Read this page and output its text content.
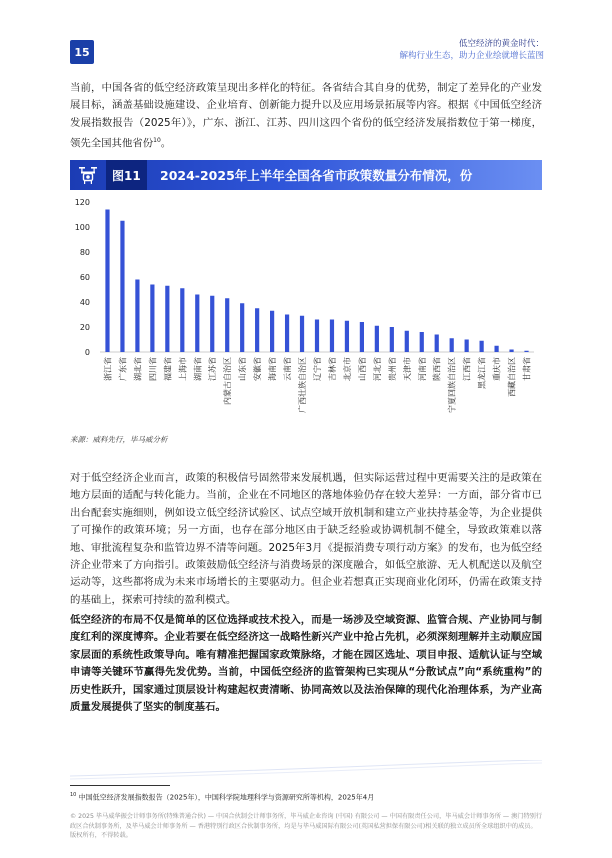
15
低空经济的黄金时代：
解构行业生态，助力企业绘就增长蓝图
当前，中国各省的低空经济政策呈现出多样化的特征。各省结合其自身的优势，制定了差异化的产业发展目标，涵盖基础设施建设、企业培育、创新能力提升以及应用场景拓展等内容。根据《中国低空经济发展指数报告（2025年）》，广东、浙江、江苏、四川这四个省份的低空经济发展指数位于第一梯度，领先全国其他省份$^{10}$。
图11	2024-2025年上半年全国各省市政策数量分布情况，份
0
20
40
60
80
100
120
浙江省 广东省 湖北省 四川省 福建省 上海市 湖南省 江苏省 内蒙古自治区 山东省 安徽省 海南省 云南省 广西壮族自治区 辽宁省 吉林省 北京市 山西省 河北省 贵州省 天津市 河南省 陕西省 宁夏回族自治区 江西省 黑龙江省 重庆市 西藏自治区 甘肃省
来源：威科先行，毕马威分析
对于低空经济企业而言，政策的积极信号固然带来发展机遇，但实际运营过程中更需要关注的是政策在地方层面的适配与转化能力。当前，企业在不同地区的落地体验仍存在较大差异：一方面，部分省市已出台配套实施细则，例如设立低空经济试验区、试点空域开放机制和建立产业扶持基金等，为企业提供了可操作的政策环境；另一方面，也存在部分地区由于缺乏经验或协调机制不健全，导致政策难以落地、审批流程复杂和监管边界不清等问题。2025年3月《提振消费专项行动方案》的发布，也为低空经济企业带来了方向指引。政策鼓励低空经济与消费场景的深度融合，如低空旅游、无人机配送以及航空运动等，这些都将成为未来市场增长的主要驱动力。但企业若想真正实现商业化闭环，仍需在政策支持的基础上，探索可持续的盈利模式。
低空经济的布局不仅是简单的区位选择或技术投入，而是一场涉及空域资源、监管合规、产业协同与制度红利的深度博弈。企业若要在低空经济这一战略性新兴产业中抢占先机，必须深刻理解并主动顺应国家层面的系统性政策导向。唯有精准把握国家政策脉络，才能在园区选址、项目申报、适航认证与空域申请等关键环节赢得先发优势。当前，中国低空经济的监管架构已实现从“分散试点”向“系统重构”的历史性跃升，国家通过顶层设计构建起权责清晰、协同高效以及法治保障的现代化治理体系，为产业高质量发展提供了坚实的制度基石。
$^{10}$ 中国低空经济发展指数报告（2025年），中国科学院地理科学与资源研究所等机构，2025年4月
© 2025 毕马威华振会计师事务所(特殊普通合伙) — 中国合伙制会计师事务所，毕马威企业咨询 (中国) 有限公司 — 中国有限责任公司，毕马威会计师事务所 — 澳门特别行政区合伙制事务所，及毕马威会计师事务所 — 香港特别行政区合伙制事务所，均是与毕马威国际有限公司(英国私营担保有限公司)相关联的独立成员所全球组织中的成员。版权所有，不得转载。
